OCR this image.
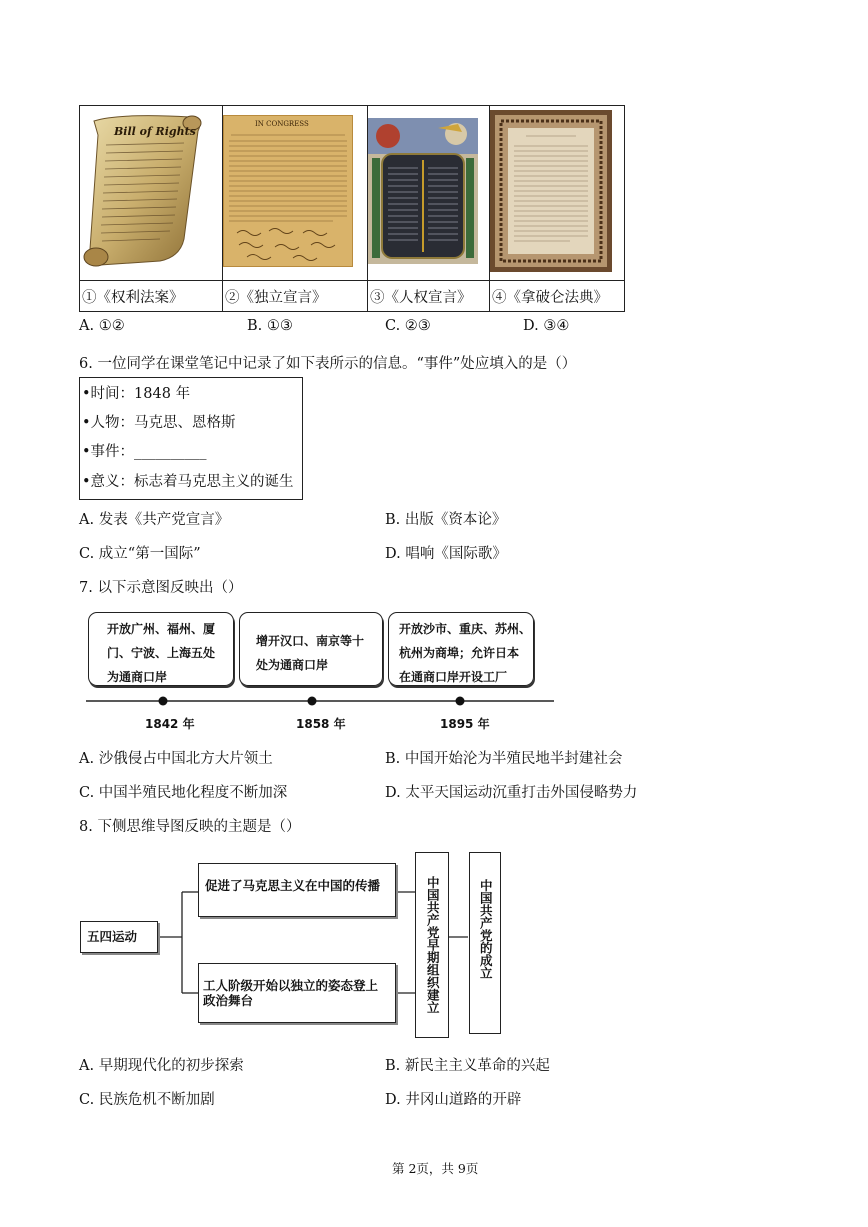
Bill of Rights	IN CONGRESS

①《权利法案》	②《独立宣言》	③《人权宣言》	④《拿破仑法典》
A. ①②	B. ①③	C. ②③	D. ③④
6. 一位同学在课堂笔记中记录了如下表所示的信息。“事件”处应填入的是（）
•时间：1848 年
•人物：马克思、恩格斯
•事件：__________
•意义：标志着马克思主义的诞生
A. 发表《共产党宣言》	B. 出版《资本论》
C. 成立“第一国际”	D. 唱响《国际歌》
7. 以下示意图反映出（）
开放广州、福州、厦
门、宁波、上海五处
为通商口岸
增开汉口、南京等十
处为通商口岸
开放沙市、重庆、苏州、
杭州为商埠；允许日本
在通商口岸开设工厂
1842 年	1858 年	1895 年
A. 沙俄侵占中国北方大片领土	B. 中国开始沦为半殖民地半封建社会
C. 中国半殖民地化程度不断加深	D. 太平天国运动沉重打击外国侵略势力
8. 下侧思维导图反映的主题是（）
五四运动
促进了马克思主义在中国的传播
工人阶级开始以独立的姿态登上
政治舞台	中国共产党早期组织建立	中国共产党的成立
A. 早期现代化的初步探索	B. 新民主主义革命的兴起
C. 民族危机不断加剧	D. 井冈山道路的开辟
第 2页，共 9页
